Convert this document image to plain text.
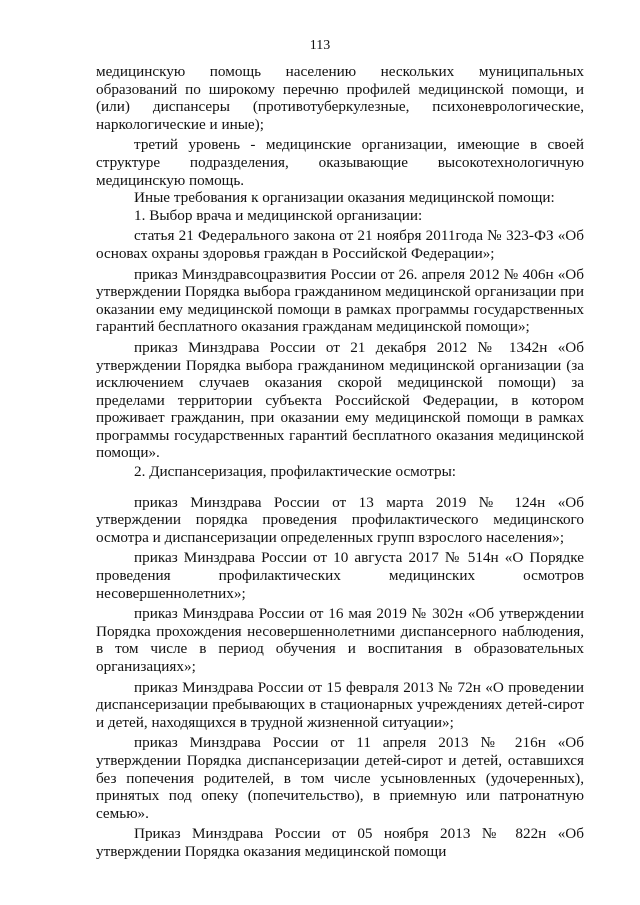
113

медицинскую помощь населению нескольких муниципальных образований по широкому перечню профилей медицинской помощи, и (или) диспансеры (противотуберкулезные, психоневрологические, наркологические и иные);

третий уровень - медицинские организации, имеющие в своей структуре подразделения, оказывающие высокотехнологичную медицинскую помощь.

Иные требования к организации оказания медицинской помощи:

1. Выбор врача и медицинской организации:

статья 21 Федерального закона от 21 ноября 2011года № 323-ФЗ «Об основах охраны здоровья граждан в Российской Федерации»;

приказ Минздравсоцразвития России от 26. апреля 2012 № 406н «Об утверждении Порядка выбора гражданином медицинской организации при оказании ему медицинской помощи в рамках программы государственных гарантий бесплатного оказания гражданам медицинской помощи»;

приказ Минздрава России от 21 декабря 2012 № 1342н «Об утверждении Порядка выбора гражданином медицинской организации (за исключением случаев оказания скорой медицинской помощи) за пределами территории субъекта Российской Федерации, в котором проживает гражданин, при оказании ему медицинской помощи в рамках программы государственных гарантий бесплатного оказания медицинской помощи».

2. Диспансеризация, профилактические осмотры:

приказ Минздрава России от 13 марта 2019 № 124н «Об утверждении порядка проведения профилактического медицинского осмотра и диспансеризации определенных групп взрослого населения»;

приказ Минздрава России от 10 августа 2017 № 514н «О Порядке проведения профилактических медицинских осмотров несовершеннолетних»;

приказ Минздрава России от 16 мая 2019 № 302н «Об утверждении Порядка прохождения несовершеннолетними диспансерного наблюдения, в том числе в период обучения и воспитания в образовательных организациях»;

приказ Минздрава России от 15 февраля 2013 № 72н «О проведении диспансеризации пребывающих в стационарных учреждениях детей-сирот и детей, находящихся в трудной жизненной ситуации»;

приказ Минздрава России от 11 апреля 2013 № 216н «Об утверждении Порядка диспансеризации детей-сирот и детей, оставшихся без попечения родителей, в том числе усыновленных (удочеренных), принятых под опеку (попечительство), в приемную или патронатную семью».

Приказ Минздрава России от 05 ноября 2013 № 822н «Об утверждении Порядка оказания медицинской помощи
